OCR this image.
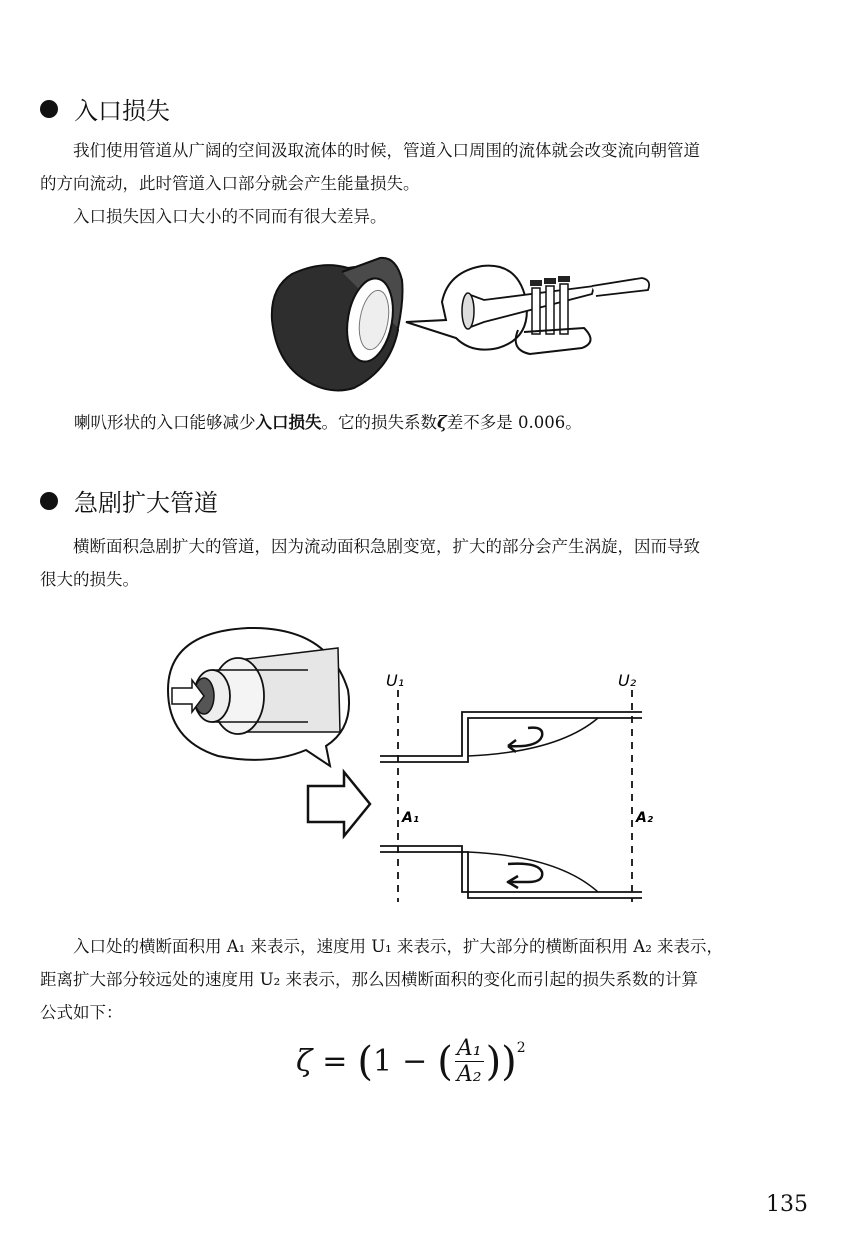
入口损失

我们使用管道从广阔的空间汲取流体的时候，管道入口周围的流体就会改变流向朝管道
的方向流动，此时管道入口部分就会产生能量损失。

入口损失因入口大小的不同而有很大差异。

喇叭形状的入口能够减少入口损失。它的损失系数ζ差不多是 0.006。
急剧扩大管道

横断面积急剧扩大的管道，因为流动面积急剧变宽，扩大的部分会产生涡旋，因而导致
很大的损失。

U₁	U₂
A₁	A₂

入口处的横断面积用 A₁ 来表示，速度用 U₁ 来表示，扩大部分的横断面积用 A₂ 来表示，
距离扩大部分较远处的速度用 U₂ 来表示，那么因横断面积的变化而引起的损失系数的计算
公式如下：

ζ = ( 1 − ( $\frac{\text{A₁}}{\text{A₂}} ))^2$
135
